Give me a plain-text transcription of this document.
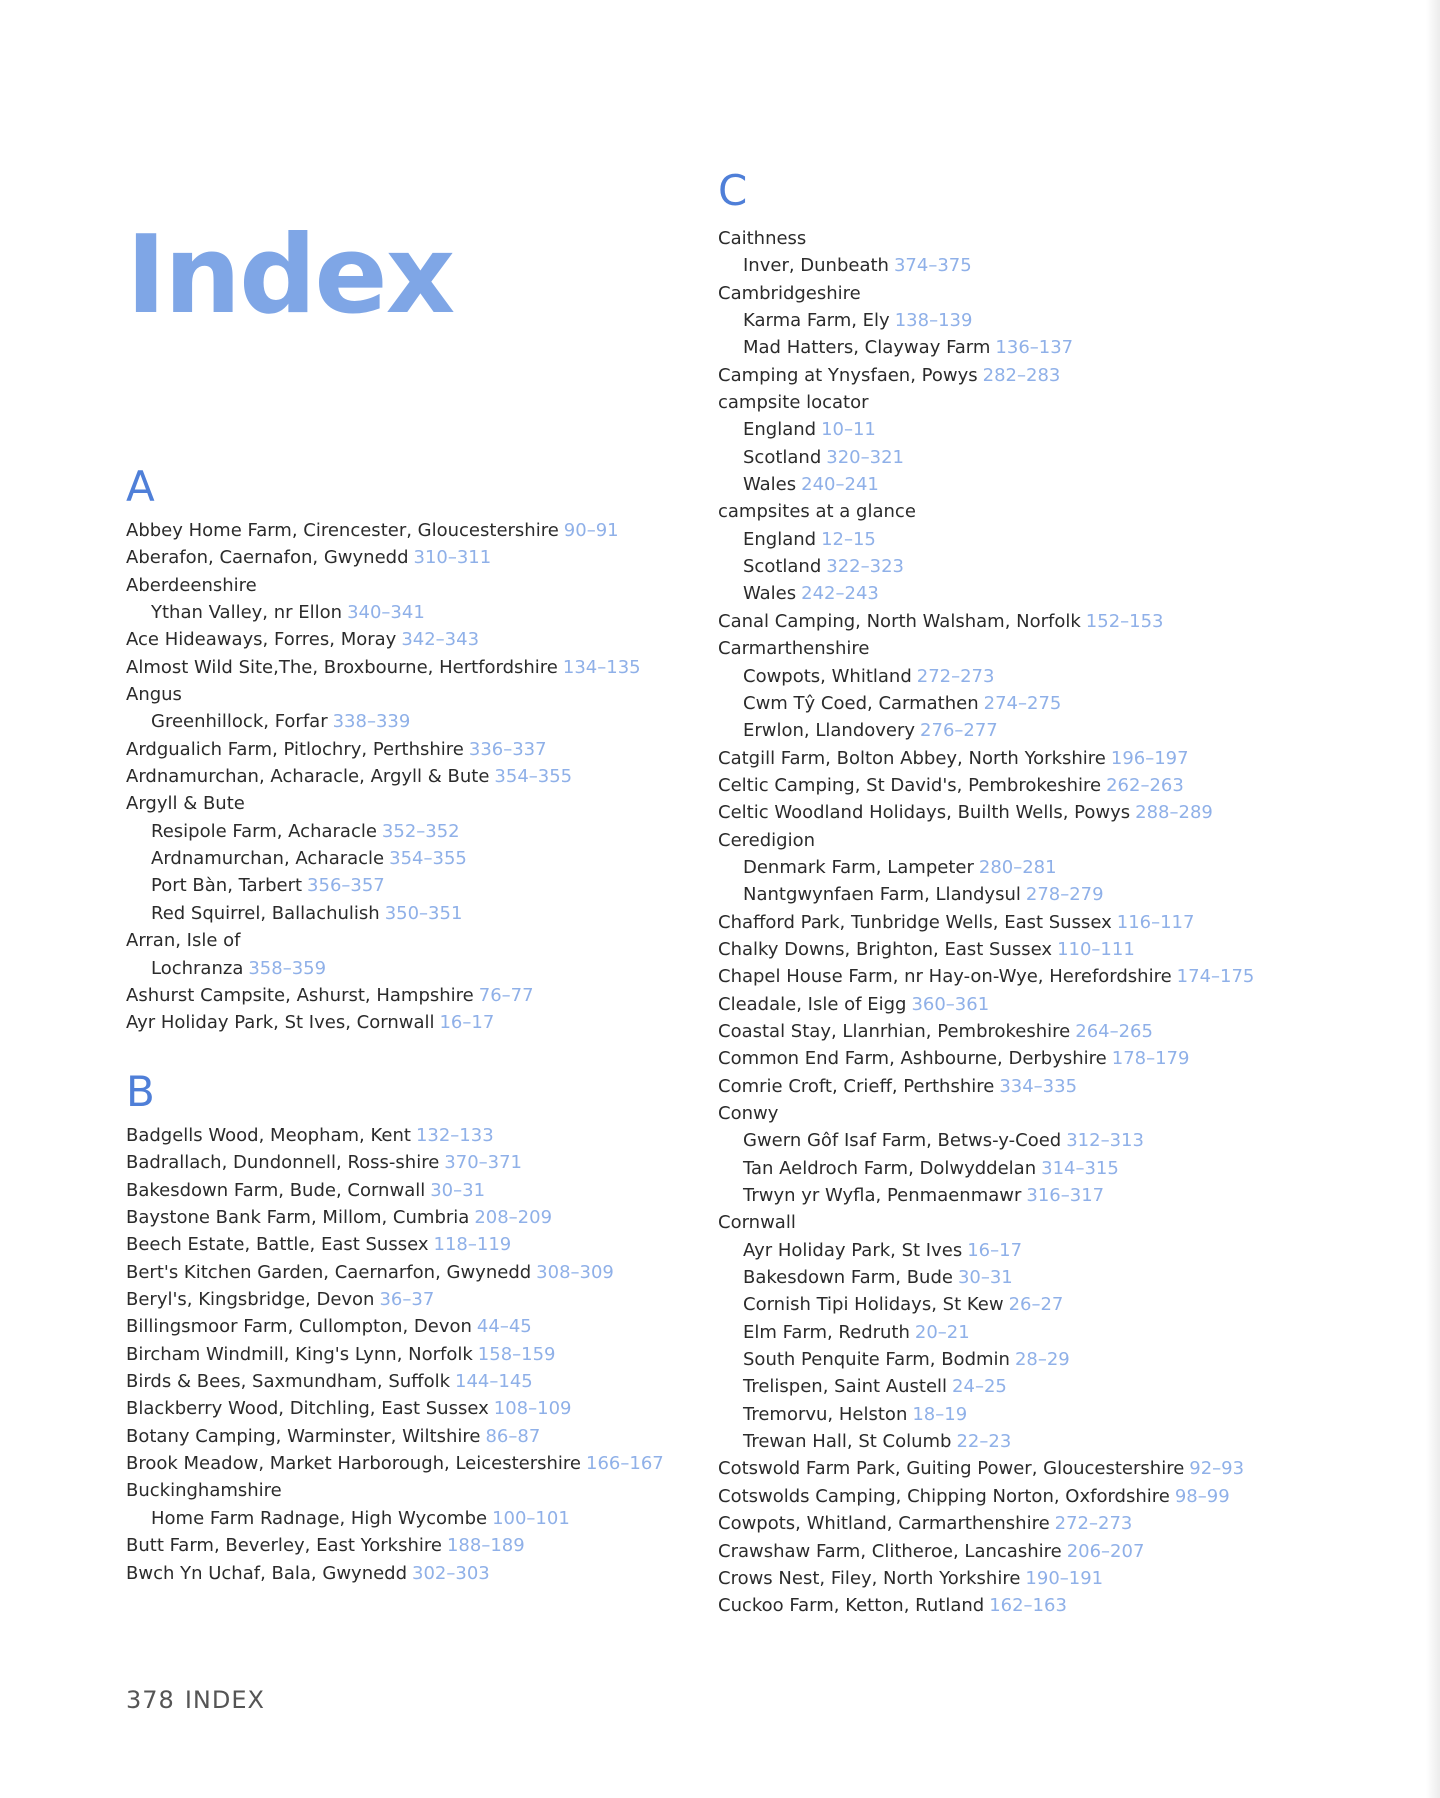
Index
A
Abbey Home Farm, Cirencester, Gloucestershire 90–91
Aberafon, Caernafon, Gwynedd 310–311
Aberdeenshire
Ythan Valley, nr Ellon 340–341
Ace Hideaways, Forres, Moray 342–343
Almost Wild Site,The, Broxbourne, Hertfordshire 134–135
Angus
Greenhillock, Forfar 338–339
Ardgualich Farm, Pitlochry, Perthshire 336–337
Ardnamurchan, Acharacle, Argyll & Bute 354–355
Argyll & Bute
Resipole Farm, Acharacle 352–352
Ardnamurchan, Acharacle 354–355
Port Bàn, Tarbert 356–357
Red Squirrel, Ballachulish 350–351
Arran, Isle of
Lochranza 358–359
Ashurst Campsite, Ashurst, Hampshire 76–77
Ayr Holiday Park, St Ives, Cornwall 16–17
B
Badgells Wood, Meopham, Kent 132–133
Badrallach, Dundonnell, Ross-shire 370–371
Bakesdown Farm, Bude, Cornwall 30–31
Baystone Bank Farm, Millom, Cumbria 208–209
Beech Estate, Battle, East Sussex 118–119
Bert's Kitchen Garden, Caernarfon, Gwynedd 308–309
Beryl's, Kingsbridge, Devon 36–37
Billingsmoor Farm, Cullompton, Devon 44–45
Bircham Windmill, King's Lynn, Norfolk 158–159
Birds & Bees, Saxmundham, Suffolk 144–145
Blackberry Wood, Ditchling, East Sussex 108–109
Botany Camping, Warminster, Wiltshire 86–87
Brook Meadow, Market Harborough, Leicestershire 166–167
Buckinghamshire
Home Farm Radnage, High Wycombe 100–101
Butt Farm, Beverley, East Yorkshire 188–189
Bwch Yn Uchaf, Bala, Gwynedd 302–303
C
Caithness
Inver, Dunbeath 374–375
Cambridgeshire
Karma Farm, Ely 138–139
Mad Hatters, Clayway Farm 136–137
Camping at Ynysfaen, Powys 282–283
campsite locator
England 10–11
Scotland 320–321
Wales 240–241
campsites at a glance
England 12–15
Scotland 322–323
Wales 242–243
Canal Camping, North Walsham, Norfolk 152–153
Carmarthenshire
Cowpots, Whitland 272–273
Cwm Tŷ Coed, Carmathen 274–275
Erwlon, Llandovery 276–277
Catgill Farm, Bolton Abbey, North Yorkshire 196–197
Celtic Camping, St David's, Pembrokeshire 262–263
Celtic Woodland Holidays, Builth Wells, Powys 288–289
Ceredigion
Denmark Farm, Lampeter 280–281
Nantgwynfaen Farm, Llandysul 278–279
Chafford Park, Tunbridge Wells, East Sussex 116–117
Chalky Downs, Brighton, East Sussex 110–111
Chapel House Farm, nr Hay-on-Wye, Herefordshire 174–175
Cleadale, Isle of Eigg 360–361
Coastal Stay, Llanrhian, Pembrokeshire 264–265
Common End Farm, Ashbourne, Derbyshire 178–179
Comrie Croft, Crieff, Perthshire 334–335
Conwy
Gwern Gôf Isaf Farm, Betws-y-Coed 312–313
Tan Aeldroch Farm, Dolwyddelan 314–315
Trwyn yr Wyfla, Penmaenmawr 316–317
Cornwall
Ayr Holiday Park, St Ives 16–17
Bakesdown Farm, Bude 30–31
Cornish Tipi Holidays, St Kew 26–27
Elm Farm, Redruth 20–21
South Penquite Farm, Bodmin 28–29
Trelispen, Saint Austell 24–25
Tremorvu, Helston 18–19
Trewan Hall, St Columb 22–23
Cotswold Farm Park, Guiting Power, Gloucestershire 92–93
Cotswolds Camping, Chipping Norton, Oxfordshire 98–99
Cowpots, Whitland, Carmarthenshire 272–273
Crawshaw Farm, Clitheroe, Lancashire 206–207
Crows Nest, Filey, North Yorkshire 190–191
Cuckoo Farm, Ketton, Rutland 162–163
378 INDEX
